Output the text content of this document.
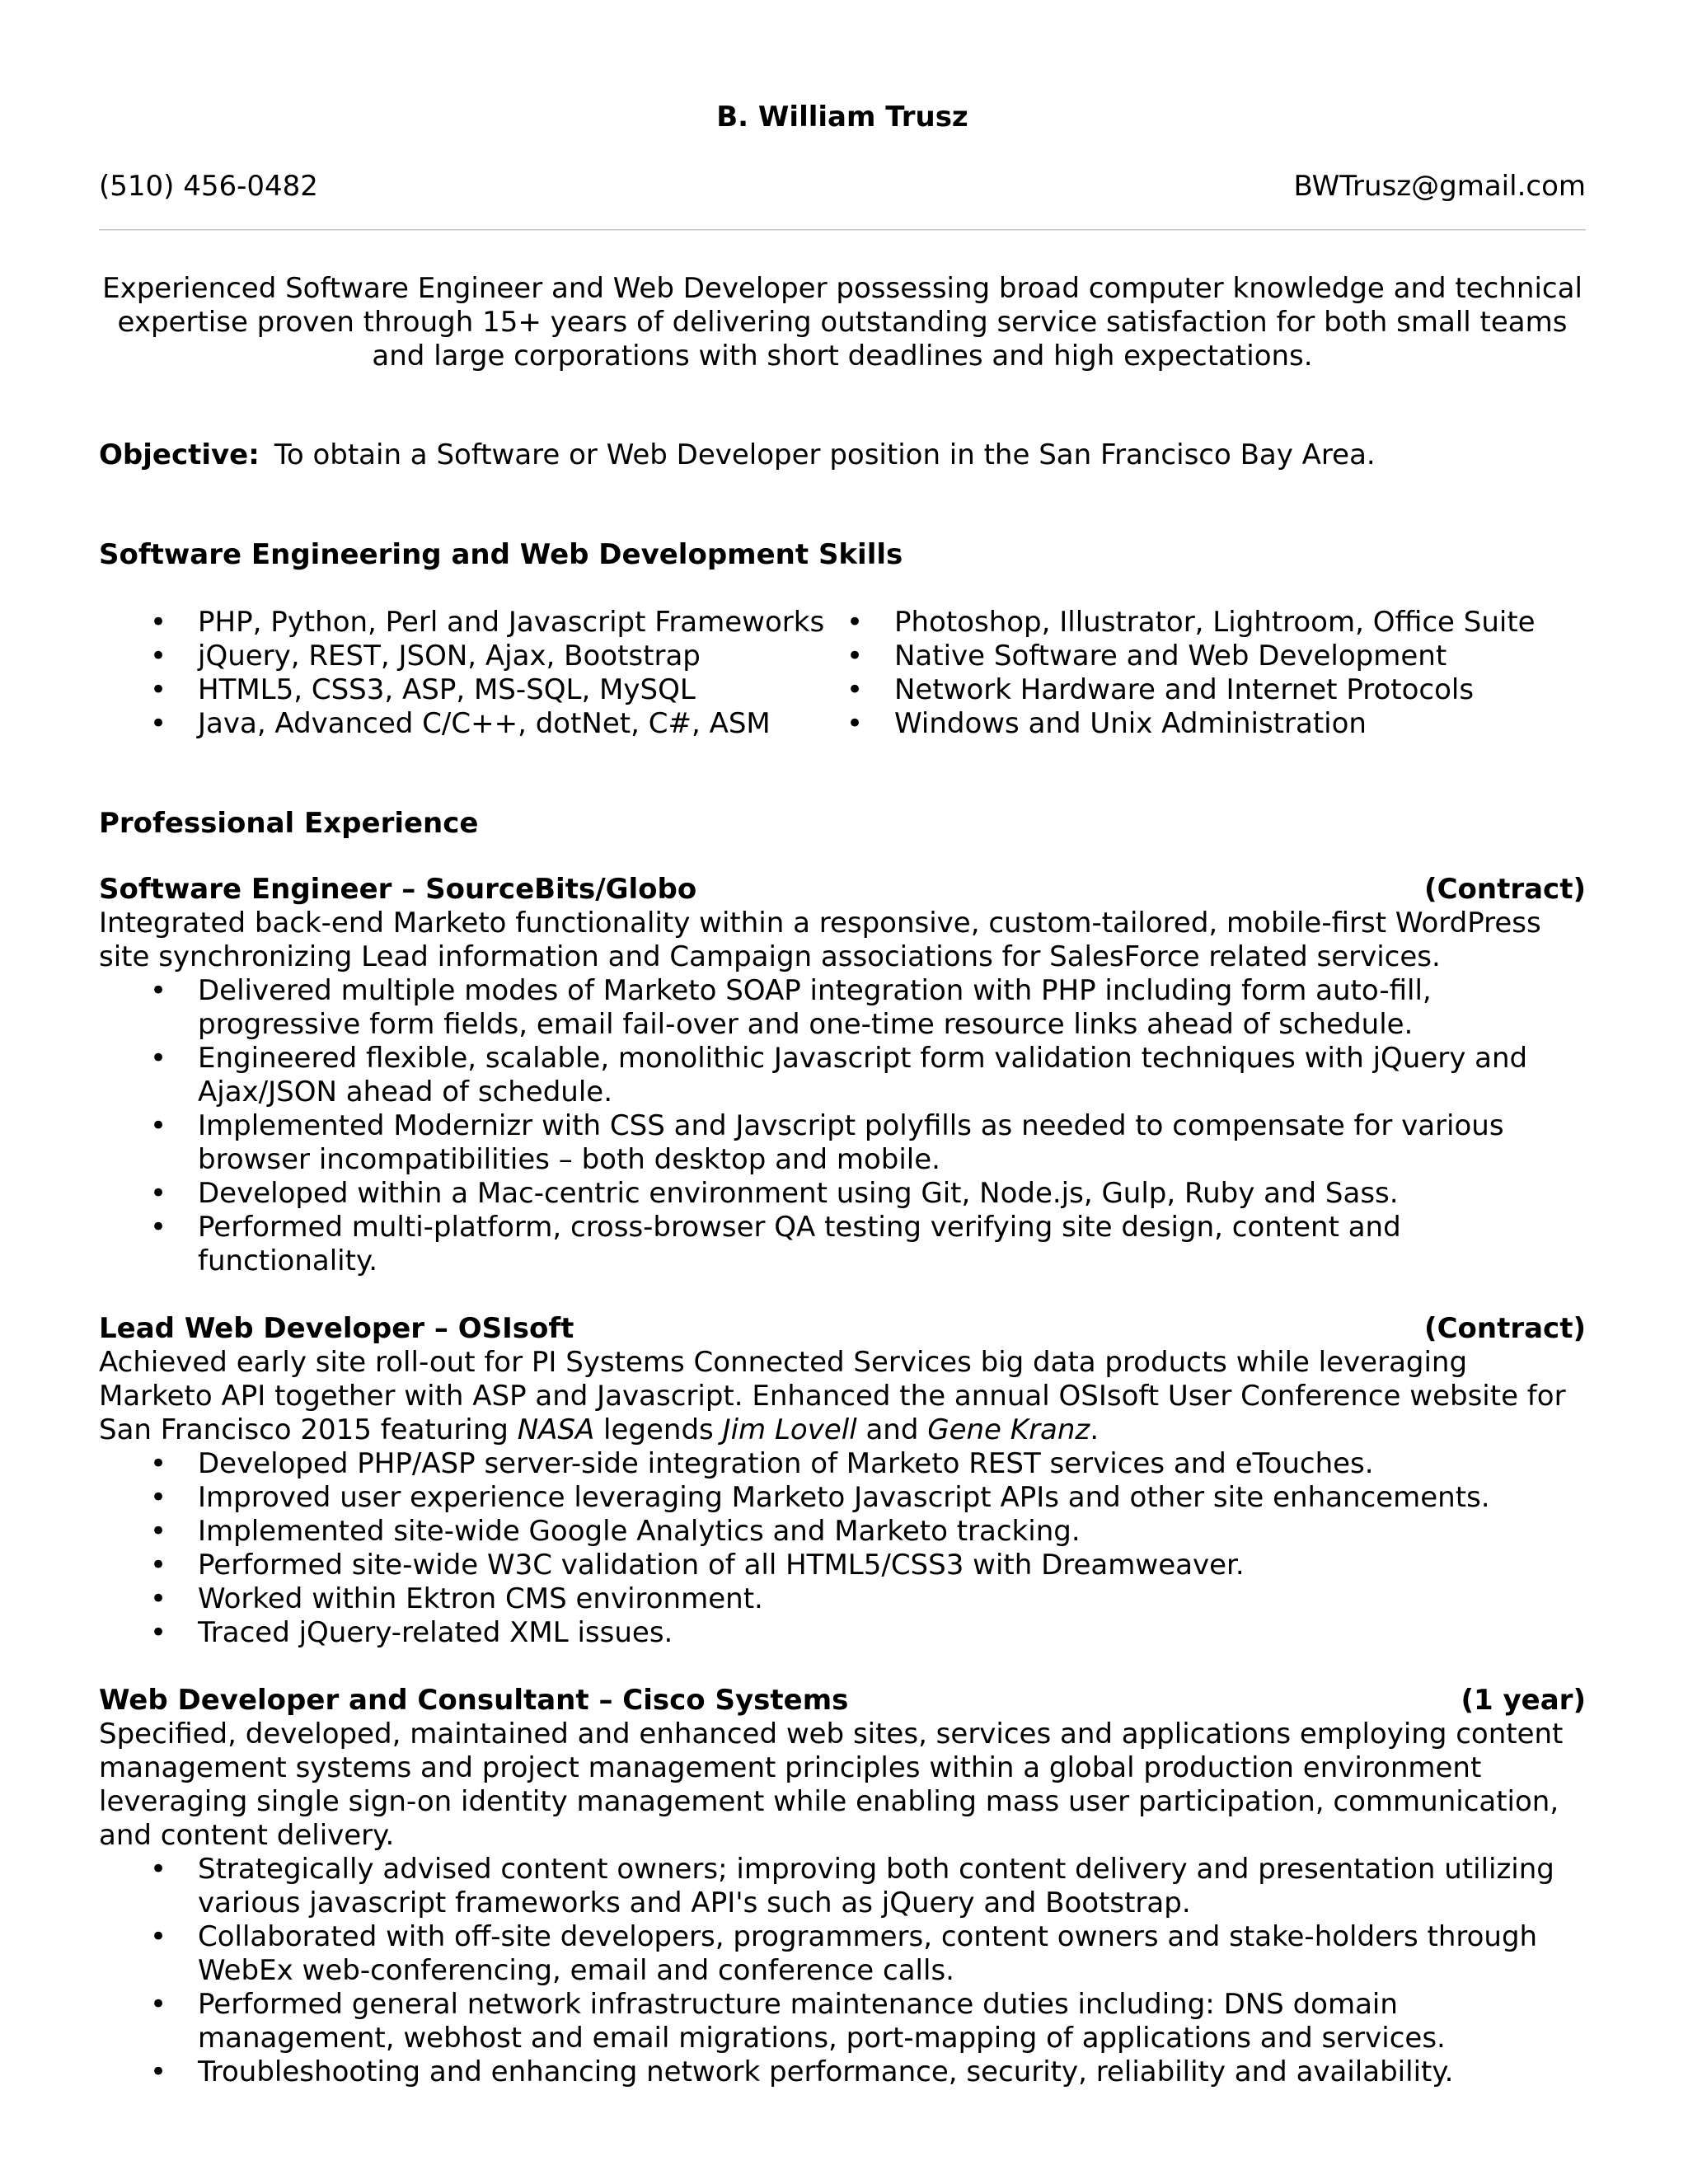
B. William Trusz
(510) 456-0482	BWTrusz@gmail.com

Experienced Software Engineer and Web Developer possessing broad computer knowledge and technical expertise proven through 15+ years of delivering outstanding service satisfaction for both small teams and large corporations with short deadlines and high expectations.

Objective: To obtain a Software or Web Developer position in the San Francisco Bay Area.

Software Engineering and Web Development Skills
• PHP, Python, Perl and Javascript Frameworks
• jQuery, REST, JSON, Ajax, Bootstrap
• HTML5, CSS3, ASP, MS-SQL, MySQL
• Java, Advanced C/C++, dotNet, C#, ASM
• Photoshop, Illustrator, Lightroom, Office Suite
• Native Software and Web Development
• Network Hardware and Internet Protocols
• Windows and Unix Administration
Professional Experience
Software Engineer – SourceBits/Globo	(Contract)

Integrated back-end Marketo functionality within a responsive, custom-tailored, mobile-first WordPress site synchronizing Lead information and Campaign associations for SalesForce related services.

• Delivered multiple modes of Marketo SOAP integration with PHP including form auto-fill, progressive form fields, email fail-over and one-time resource links ahead of schedule.
• Engineered flexible, scalable, monolithic Javascript form validation techniques with jQuery and Ajax/JSON ahead of schedule.
• Implemented Modernizr with CSS and Javscript polyfills as needed to compensate for various browser incompatibilities – both desktop and mobile.
• Developed within a Mac-centric environment using Git, Node.js, Gulp, Ruby and Sass.
• Performed multi-platform, cross-browser QA testing verifying site design, content and functionality.
Lead Web Developer – OSIsoft	(Contract)

Achieved early site roll-out for PI Systems Connected Services big data products while leveraging Marketo API together with ASP and Javascript. Enhanced the annual OSIsoft User Conference website for San Francisco 2015 featuring NASA legends Jim Lovell and Gene Kranz.

• Developed PHP/ASP server-side integration of Marketo REST services and eTouches.
• Improved user experience leveraging Marketo Javascript APIs and other site enhancements.
• Implemented site-wide Google Analytics and Marketo tracking.
• Performed site-wide W3C validation of all HTML5/CSS3 with Dreamweaver.
• Worked within Ektron CMS environment.
• Traced jQuery-related XML issues.
Web Developer and Consultant – Cisco Systems	(1 year)

Specified, developed, maintained and enhanced web sites, services and applications employing content management systems and project management principles within a global production environment leveraging single sign-on identity management while enabling mass user participation, communication, and content delivery.

• Strategically advised content owners; improving both content delivery and presentation utilizing various javascript frameworks and API's such as jQuery and Bootstrap.
• Collaborated with off-site developers, programmers, content owners and stake-holders through WebEx web-conferencing, email and conference calls.
• Performed general network infrastructure maintenance duties including: DNS domain management, webhost and email migrations, port-mapping of applications and services.
• Troubleshooting and enhancing network performance, security, reliability and availability.
